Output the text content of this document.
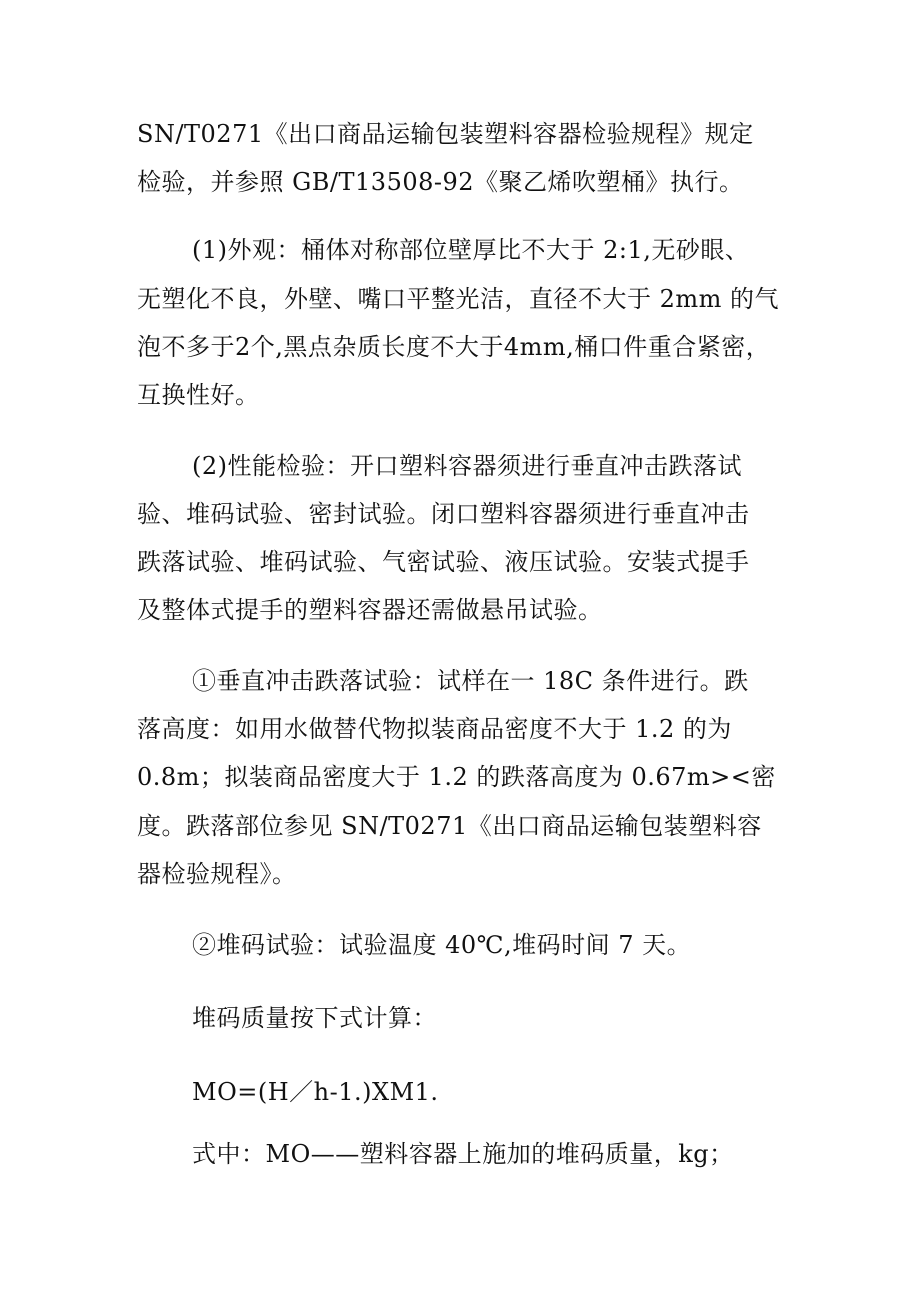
SN/T0271《出口商品运输包装塑料容器检验规程》规定
检验，并参照 GB/T13508-92《聚乙烯吹塑桶》执行。
(1)外观：桶体对称部位壁厚比不大于 2:1,无砂眼、
无塑化不良，外壁、嘴口平整光洁，直径不大于 2mm 的气
泡不多于2个,黑点杂质长度不大于4mm,桶口件重合紧密，
互换性好。
(2)性能检验：开口塑料容器须进行垂直冲击跌落试
验、堆码试验、密封试验。闭口塑料容器须进行垂直冲击
跌落试验、堆码试验、气密试验、液压试验。安装式提手
及整体式提手的塑料容器还需做悬吊试验。
①垂直冲击跌落试验：试样在一 18C 条件进行。跌
落高度：如用水做替代物拟装商品密度不大于 1.2 的为
0.8m；拟装商品密度大于 1.2 的跌落高度为 0.67m><密
度。跌落部位参见 SN/T0271《出口商品运输包装塑料容
器检验规程》。
②堆码试验：试验温度 40℃,堆码时间 7 天。
堆码质量按下式计算：
MO=(H／h-1.)XM1.
式中：MO——塑料容器上施加的堆码质量，kg；
